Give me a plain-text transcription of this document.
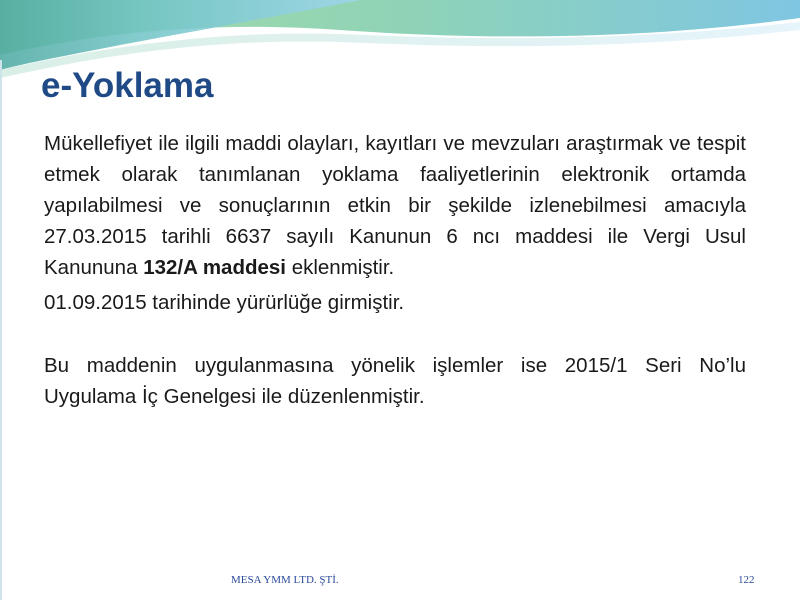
e-Yoklama

Mükellefiyet ile ilgili maddi olayları, kayıtları ve mevzuları araştırmak ve tespit etmek olarak tanımlanan yoklama faaliyetlerinin elektronik ortamda yapılabilmesi ve sonuçlarının etkin bir şekilde izlenebilmesi amacıyla 27.03.2015 tarihli 6637 sayılı Kanunun 6 ncı maddesi ile Vergi Usul Kanununa 132/A maddesi eklenmiştir.

01.09.2015 tarihinde yürürlüğe girmiştir.

Bu maddenin uygulanmasına yönelik işlemler ise 2015/1 Seri No’lu Uygulama İç Genelgesi ile düzenlenmiştir.

MESA YMM LTD. ŞTİ.	122
